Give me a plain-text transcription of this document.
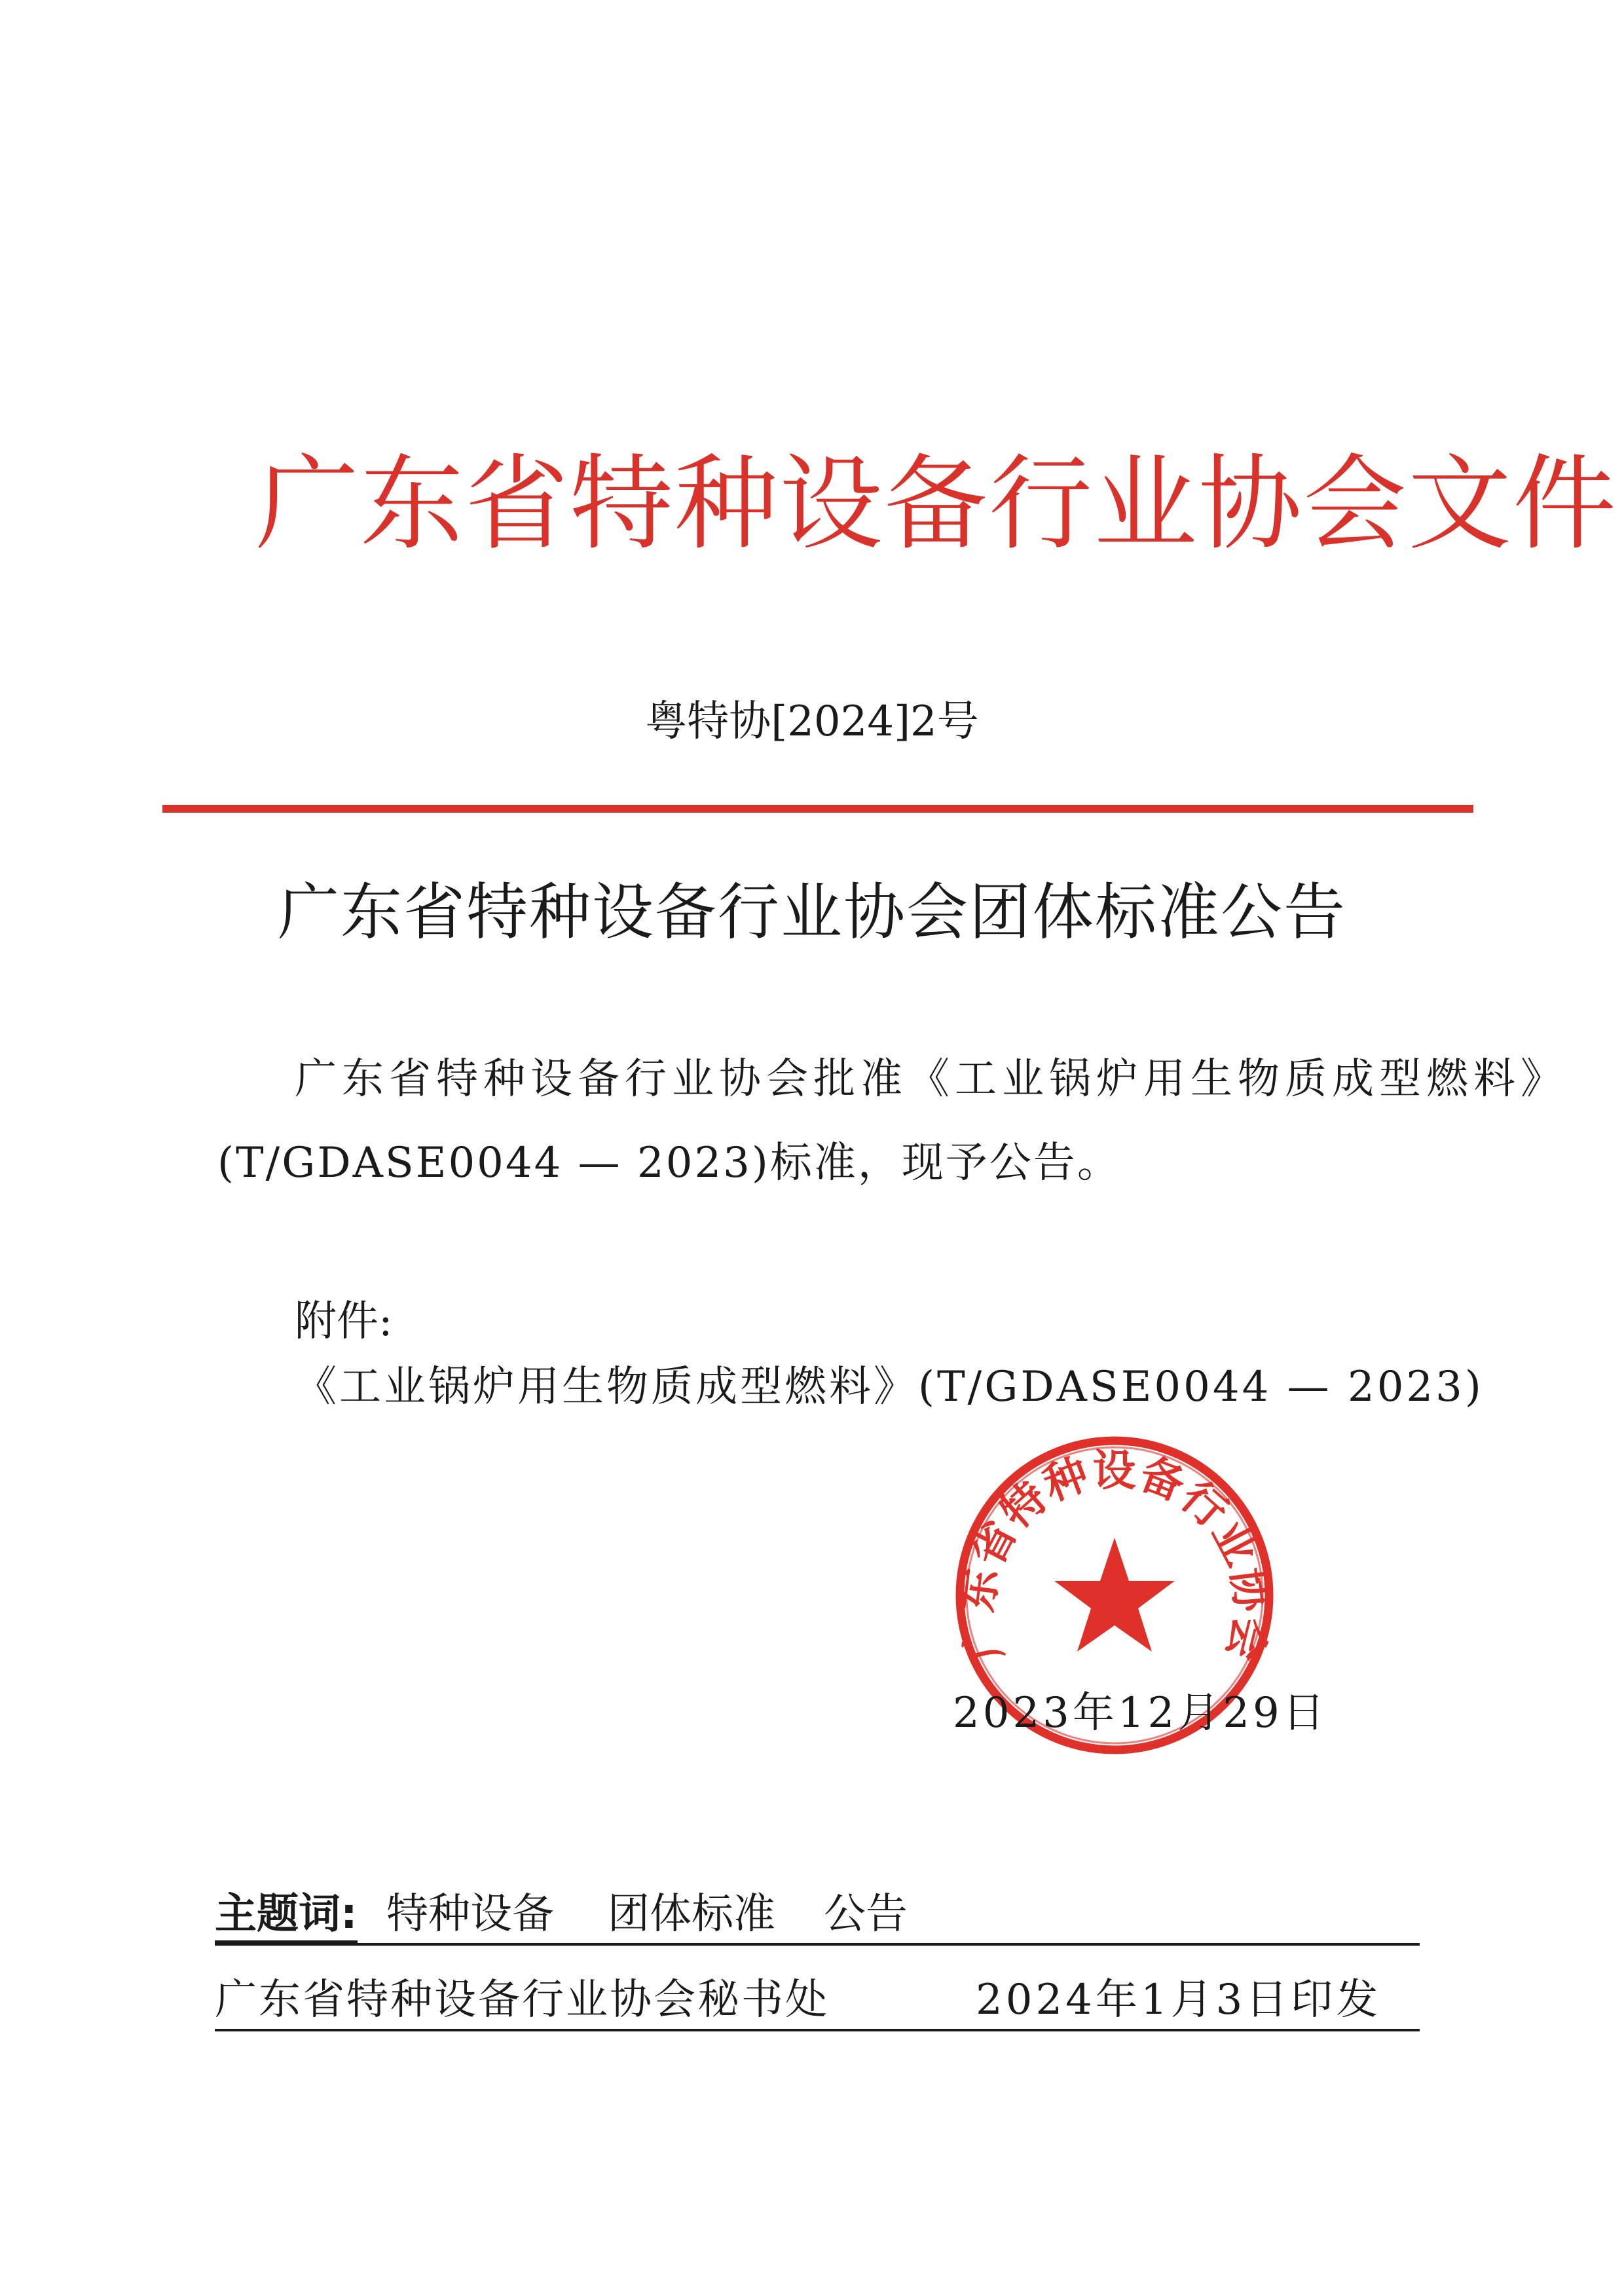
广东省特种设备行业协会文件
粤特协[2024]2号
广东省特种设备行业协会团体标准公告
广东省特种设备行业协会批准《工业锅炉用生物质成型燃料》
(T/GDASE0044 — 2023)标准，现予公告。
附件:
《工业锅炉用生物质成型燃料》(T/GDASE0044 — 2023)
广东省特种设备行业协会
2023年12月29日
主题词: 特种设备 团体标准 公告
广东省特种设备行业协会秘书处	2024年1月3日印发
